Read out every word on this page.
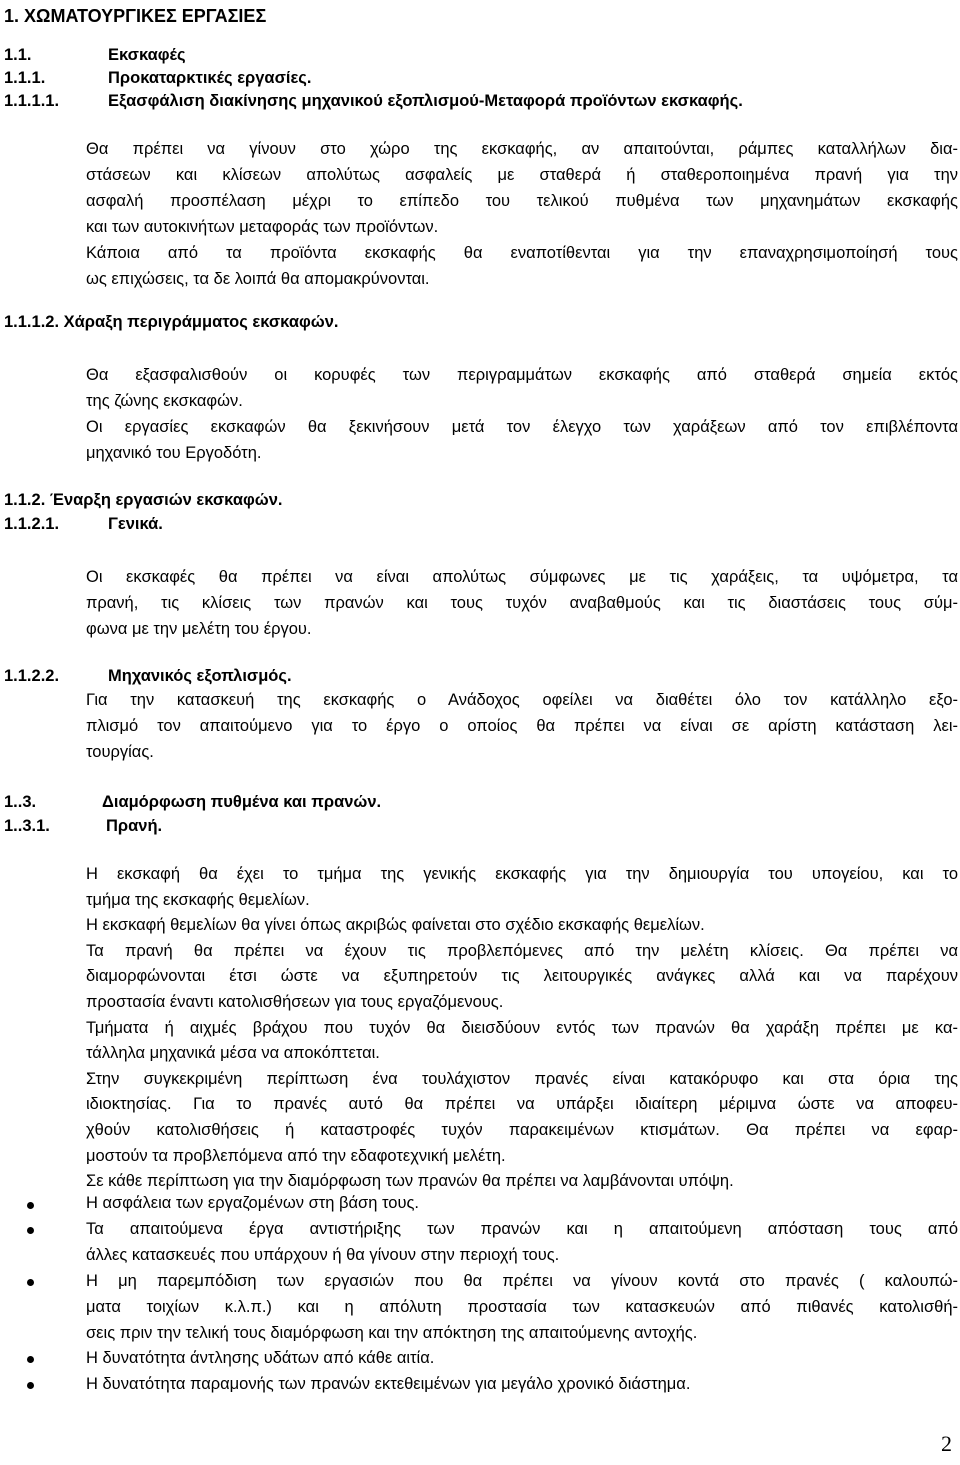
1. ΧΩΜΑΤΟΥΡΓΙΚΕΣ ΕΡΓΑΣΙΕΣ
1.1.	Εκσκαφές
1.1.1.	Προκαταρκτικές εργασίες.
1.1.1.1.	Εξασφάλιση διακίνησης μηχανικού εξοπλισμού-Μεταφορά προϊόντων εκσκαφής.
Θα πρέπει να γίνουν στο χώρο της εκσκαφής, αν απαιτούνται, ράμπες καταλλήλων δια-
στάσεων και κλίσεων απολύτως ασφαλείς με σταθερά ή σταθεροποιημένα πρανή για την
ασφαλή προσπέλαση μέχρι το επίπεδο του τελικού πυθμένα των μηχανημάτων εκσκαφής
και των αυτοκινήτων μεταφοράς των προϊόντων.
Κάποια από τα προϊόντα εκσκαφής θα εναποτίθενται για την επαναχρησιμοποίησή τους
ως επιχώσεις, τα δε λοιπά θα απομακρύνονται.
1.1.1.2. Χάραξη περιγράμματος εκσκαφών.
Θα εξασφαλισθούν οι κορυφές των περιγραμμάτων εκσκαφής από σταθερά σημεία εκτός
της ζώνης εκσκαφών.
Οι εργασίες εκσκαφών θα ξεκινήσουν μετά τον έλεγχο των χαράξεων από τον επιβλέποντα
μηχανικό του Εργοδότη.
1.1.2. Έναρξη εργασιών εκσκαφών.
1.1.2.1.	Γενικά.
Οι εκσκαφές θα πρέπει να είναι απολύτως σύμφωνες με τις χαράξεις, τα υψόμετρα, τα
πρανή, τις κλίσεις των πρανών και τους τυχόν αναβαθμούς και τις διαστάσεις τους σύμ-
φωνα με την μελέτη του έργου.
1.1.2.2.	Μηχανικός εξοπλισμός.
Για την κατασκευή της εκσκαφής ο Ανάδοχος οφείλει να διαθέτει όλο τον κατάλληλο εξο-
πλισμό τον απαιτούμενο για το έργο ο οποίος θα πρέπει να είναι σε αρίστη κατάσταση λει-
τουργίας.
1..3.	Διαμόρφωση πυθμένα και πρανών.
1..3.1.	Πρανή.
Η εκσκαφή θα έχει το τμήμα της γενικής εκσκαφής για την δημιουργία του υπογείου, και το
τμήμα της εκσκαφής θεμελίων.
Η εκσκαφή θεμελίων θα γίνει όπως ακριβώς φαίνεται στο σχέδιο εκσκαφής θεμελίων.
Τα πρανή θα πρέπει να έχουν τις προβλεπόμενες από την μελέτη κλίσεις. Θα πρέπει να
διαμορφώνονται έτσι ώστε να εξυπηρετούν τις λειτουργικές ανάγκες αλλά και να παρέχουν
προστασία έναντι κατολισθήσεων για τους εργαζόμενους.
Τμήματα ή αιχμές βράχου που τυχόν θα διεισδύουν εντός των πρανών θα χαράξη πρέπει με κα-
τάλληλα μηχανικά μέσα να αποκόπτεται.
Στην συγκεκριμένη περίπτωση ένα τουλάχιστον πρανές είναι κατακόρυφο και στα όρια της
ιδιοκτησίας. Για το πρανές αυτό θα πρέπει να υπάρξει ιδιαίτερη μέριμνα ώστε να αποφευ-
χθούν κατολισθήσεις ή καταστροφές τυχόν παρακειμένων κτισμάτων. Θα πρέπει να εφαρ-
μοστούν τα προβλεπόμενα από την εδαφοτεχνική μελέτη.
Σε κάθε περίπτωση για την διαμόρφωση των πρανών θα πρέπει να λαμβάνονται υπόψη.
Η ασφάλεια των εργαζομένων στη βάση τους.
Τα απαιτούμενα έργα αντιστήριξης των πρανών και η απαιτούμενη απόσταση τους από
άλλες κατασκευές που υπάρχουν ή θα γίνουν στην περιοχή τους.
Η μη παρεμπόδιση των εργασιών που θα πρέπει να γίνουν κοντά στο πρανές ( καλουπώ-
ματα τοιχίων κ.λ.π.) και η απόλυτη προστασία των κατασκευών από πιθανές κατολισθή-
σεις πριν την τελική τους διαμόρφωση και την απόκτηση της απαιτούμενης αντοχής.
Η δυνατότητα άντλησης υδάτων από κάθε αιτία.
Η δυνατότητα παραμονής των πρανών εκτεθειμένων για μεγάλο χρονικό διάστημα.
2
